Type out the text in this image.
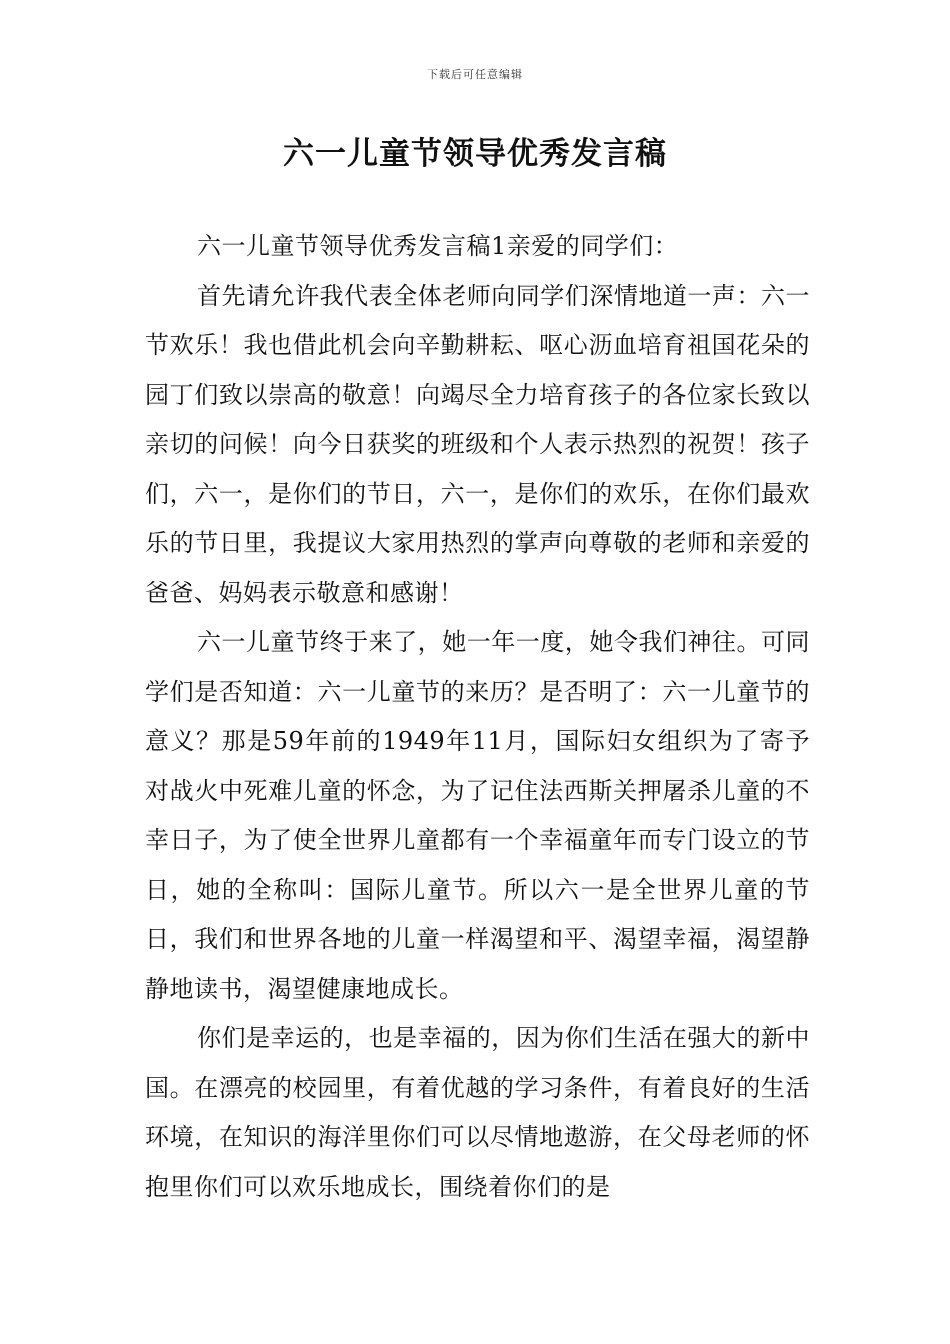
下载后可任意编辑
六一儿童节领导优秀发言稿

六一儿童节领导优秀发言稿1亲爱的同学们：

首先请允许我代表全体老师向同学们深情地道一声：六一节欢乐！我也借此机会向辛勤耕耘、呕心沥血培育祖国花朵的园丁们致以崇高的敬意！向竭尽全力培育孩子的各位家长致以亲切的问候！向今日获奖的班级和个人表示热烈的祝贺！孩子们，六一，是你们的节日，六一，是你们的欢乐，在你们最欢乐的节日里，我提议大家用热烈的掌声向尊敬的老师和亲爱的爸爸、妈妈表示敬意和感谢！

六一儿童节终于来了，她一年一度，她令我们神往。可同学们是否知道：六一儿童节的来历？是否明了：六一儿童节的意义？那是59年前的1949年11月，国际妇女组织为了寄予对战火中死难儿童的怀念，为了记住法西斯关押屠杀儿童的不幸日子，为了使全世界儿童都有一个幸福童年而专门设立的节日，她的全称叫：国际儿童节。所以六一是全世界儿童的节日，我们和世界各地的儿童一样渴望和平、渴望幸福，渴望静静地读书，渴望健康地成长。

你们是幸运的，也是幸福的，因为你们生活在强大的新中国。在漂亮的校园里，有着优越的学习条件，有着良好的生活环境，在知识的海洋里你们可以尽情地遨游，在父母老师的怀抱里你们可以欢乐地成长，围绕着你们的是
